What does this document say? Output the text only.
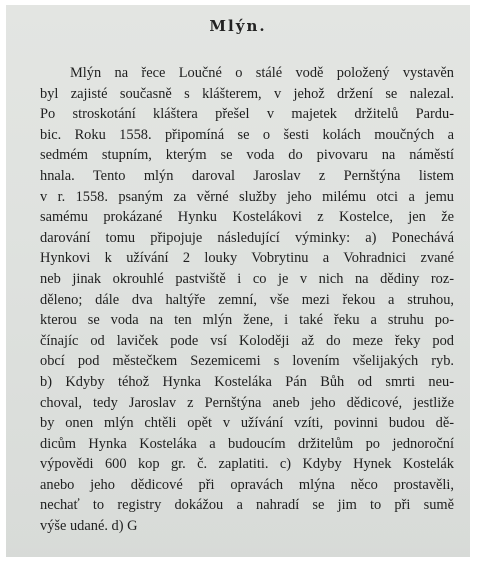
Mlýn.
Mlýn na řece Loučné o stálé vodě položený vystavěn
byl zajisté současně s klášterem, v jehož držení se nalezal.
Po stroskotání kláštera přešel v majetek držitelů Pardu-
bic. Roku 1558. připomíná se o šesti kolách moučných a
sedmém stupním, kterým se voda do pivovaru na náměstí
hnala. Tento mlýn daroval Jaroslav z Pernštýna listem
v r. 1558. psaným za věrné služby jeho milému otci a jemu
samému prokázané Hynku Kostelákovi z Kostelce, jen že
darování tomu připojuje následující výminky: a) Ponechává
Hynkovi k užívání 2 louky Vobrytinu a Vohradnici zvané
neb jinak okrouhlé pastviště i co je v nich na dědiny roz-
děleno; dále dva haltýře zemní, vše mezi řekou a struhou,
kterou se voda na ten mlýn žene, i také řeku a struhu po-
čínajíc od laviček pode vsí Koloději až do meze řeky pod
obcí pod městečkem Sezemicemi s lovením všelijakých ryb.
b) Kdyby téhož Hynka Kosteláka Pán Bůh od smrti neu-
choval, tedy Jaroslav z Pernštýna aneb jeho dědicové, jestliže
by onen mlýn chtěli opět v užívání vzíti, povinni budou dě-
dicům Hynka Kosteláka a budoucím držitelům po jednoroční
výpovědi 600 kop gr. č. zaplatiti. c) Kdyby Hynek Kostelák
anebo jeho dědicové při opravách mlýna něco prostavěli,
nechať to registry dokážou a nahradí se jim to při sumě
výše udané. d) G
